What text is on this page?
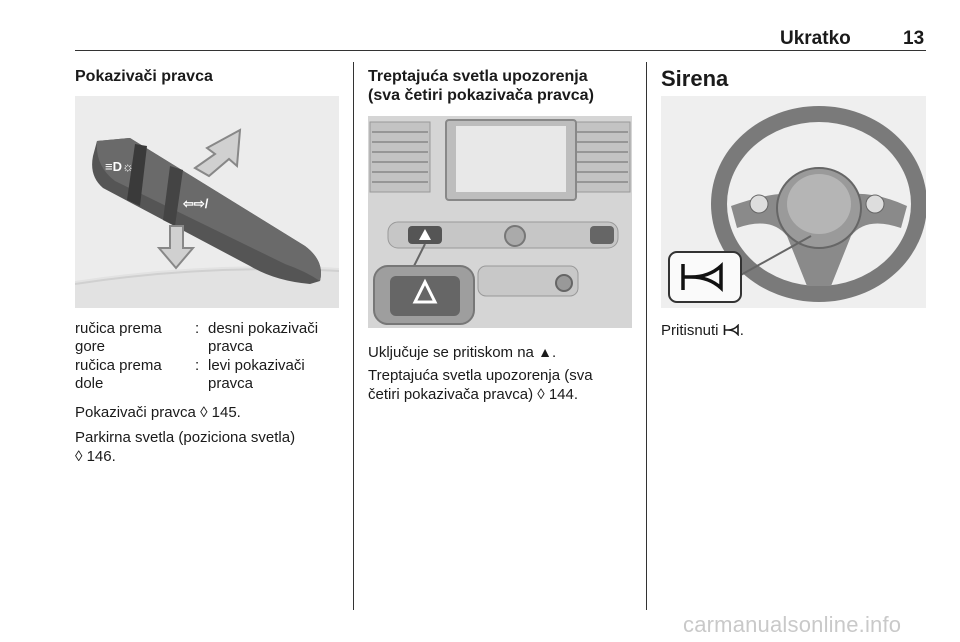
Ukratko	13
Pokazivači pravca
≡D☼
⇦⇨/
ručica prema
gore
: desni pokazivači
pravca
ručica prema
dole
: levi pokazivači
pravca
Pokazivači pravca ◊ 145.
Parkirna svetla (poziciona svetla)
◊ 146.
Treptajuća svetla upozorenja
(sva četiri pokazivača pravca)
Uključuje se pritiskom na ▲.
Treptajuća svetla upozorenja (sva
četiri pokazivača pravca) ◊ 144.
Sirena
Pritisnuti .
carmanualsonline.info
